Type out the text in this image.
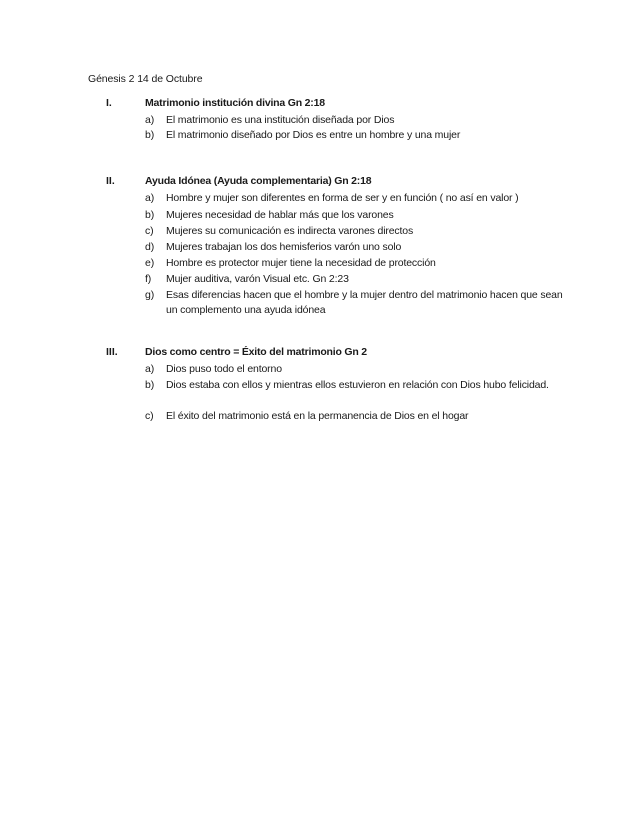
Génesis 2 14 de Octubre
I.	Matrimonio institución divina Gn 2:18
a) El matrimonio es una institución diseñada por Dios
b) El matrimonio diseñado por Dios es entre un hombre y una mujer
II.	Ayuda Idónea (Ayuda complementaria) Gn 2:18
a) Hombre y mujer son diferentes en forma de ser y en función ( no así en valor )
b) Mujeres necesidad de hablar más que los varones
c) Mujeres su comunicación es indirecta varones directos
d) Mujeres trabajan los dos hemisferios varón uno solo
e) Hombre es protector mujer tiene la necesidad de protección
f) Mujer auditiva, varón Visual etc. Gn 2:23
g) Esas diferencias hacen que el hombre y la mujer dentro del matrimonio hacen que sean un complemento una ayuda idónea
III.	Dios como centro = Éxito del matrimonio Gn 2
a) Dios puso todo el entorno
b) Dios estaba con ellos y mientras ellos estuvieron en relación con Dios hubo felicidad.
c) El éxito del matrimonio está en la permanencia de Dios en el hogar
